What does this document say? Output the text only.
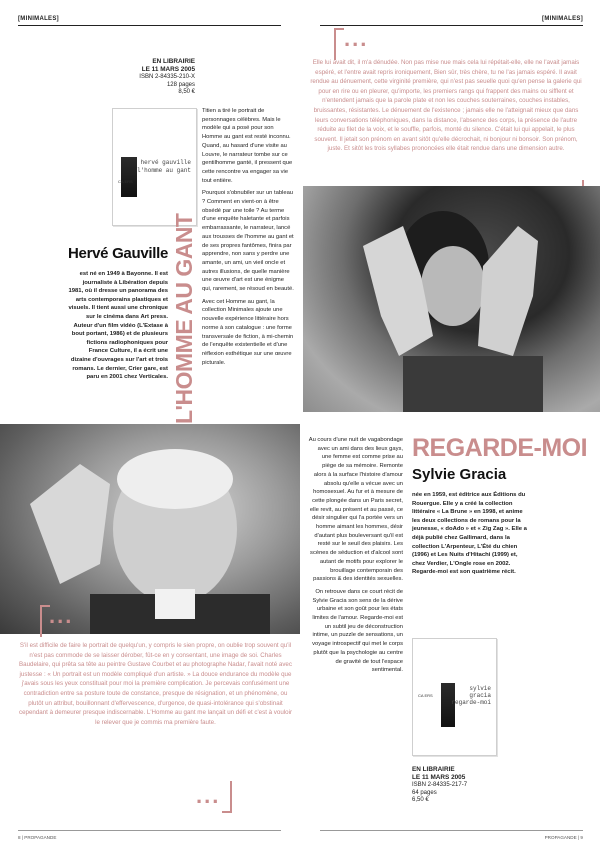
[MINIMALES]	[MINIMALES]
EN LIBRAIRIE
LE 11 MARS 2005
ISBN 2-84335-210-X
128 pages
8,50 €
CA ERS
hervé gauville
l'homme au gant
Hervé Gauville
est né en 1949 à Bayonne. Il est journaliste à Libération depuis 1981, où il dresse un panorama des arts contemporains plastiques et visuels. Il tient aussi une chronique sur le cinéma dans Art press. Auteur d'un film vidéo (L'Extase à bout portant, 1986) et de plusieurs fictions radiophoniques pour France Culture, il a écrit une dizaine d'ouvrages sur l'art et trois romans. Le dernier, Crier gare, est paru en 2001 chez Verticales. L'HOMME AU GANT

Titien a tiré le portrait de personnages célèbres. Mais le modèle qui a posé pour son Homme au gant est resté inconnu. Quand, au hasard d'une visite au Louvre, le narrateur tombe sur ce gentilhomme ganté, il pressent que cette rencontre va engager sa vie tout entière.

Pourquoi s'obnubiler sur un tableau ? Comment en vient-on à être obsédé par une toile ? Au terme d'une enquête haletante et parfois embarrassante, le narrateur, lancé aux trousses de l'homme au gant et de ses propres fantômes, finira par apprendre, non sans y perdre une amante, un ami, un vieil oncle et autres illusions, de quelle manière une œuvre d'art est une énigme qui, rarement, se résoud en beauté.

Avec cet Homme au gant, la collection Minimales ajoute une nouvelle expérience littéraire hors norme à son catalogue : une forme transversale de fiction, à mi-chemin de l'enquête existentielle et d'une réflexion esthétique sur une œuvre picturale.

...
Elle lui avait dit, il m'a dénudée. Non pas mise nue mais cela lui répétait-elle, elle ne l'avait jamais espéré, et l'entre avait repris ironiquement, Bien sûr, très chère, tu ne l'as jamais espéré. Il avait rendue au dénuement, cette virginité première, qui n'est pas seuelle quoi qu'en pense la galerie qui pour en rire ou en pleurer, qu'importe, les premiers rangs qui frappent des mains ou sifflent et n'entendent jamais que la parole plate et non les couches souterraines, couches instables, bruissantes, résistantes. Le dénuement de l'existence ; jamais elle ne l'atteignait mieux que dans leurs conversations téléphoniques, dans la distance, l'absence des corps, la présence de l'autre réduite au filet de la voix, et le souffle, parfois, monté du silence. C'était lui qui appelait, le plus souvent. Il jetait son prénom en avant sitôt qu'elle décrochait, ni bonjour ni bonsoir. Son prénom, juste. Et sitôt les trois syllabes prononcées elle était rendue dans une dimension autre.
...
S'il est difficile de faire le portrait de quelqu'un, y compris le sien propre, on oublie trop souvent qu'il n'est pas commode de se laisser dérober, fût-ce en y consentant, une image de soi. Charles Baudelaire, qui prêta sa tête au peintre Gustave Courbet et au photographe Nadar, l'avait noté avec justesse : « Un portrait est un modèle compliqué d'un artiste. » La douce endurance du modèle que j'avais sous les yeux constituait pour moi la première complication. Je percevais confusément une contradiction entre sa posture toute de constance, presque de résignation, et un phénomène, ou plutôt un attribut, bouillonnant d'effervescence, d'urgence, de quasi-intolérance qui s'obstinait cependant à demeurer presque indiscernable. L'Homme au gant me lançait un défi et c'est à vouloir le relever que je commis ma première faute.
...

Au cours d'une nuit de vagabondage avec un ami dans des lieux gays, une femme est comme prise au piège de sa mémoire. Remonte alors à la surface l'histoire d'amour absolu qu'elle a vécue avec un homosexuel. Au fur et à mesure de cette plongée dans un Paris secret, elle revit, au présent et au passé, ce désir singulier qui l'a portée vers un homme aimant les hommes, désir d'autant plus bouleversant qu'il est resté sur le seuil des plaisirs. Les scènes de séduction et d'alcool sont autant de motifs pour explorer le brouillage contemporain des passions & des identités sexuelles.

On retrouve dans ce court récit de Sylvie Gracia son sens de la dérive urbaine et son goût pour les états limites de l'amour. Regarde-moi est un subtil jeu de déconstruction intime, un puzzle de sensations, un voyage introspectif qui met le corps plutôt que la psychologie au centre de gravité de tout l'espace sentimental.

REGARDE-MOI
Sylvie Gracia
née en 1959, est éditrice aux Éditions du Rouergue. Elle y a créé la collection littéraire « La Brune » en 1998, et anime les deux collections de romans pour la jeunesse, « doAdo » et « Zig Zag ». Elle a déjà publié chez Gallimard, dans la collection L'Arpenteur, L'Été du chien (1996) et Les Nuits d'Hitachi (1999) et, chez Verdier, L'Ongle rose en 2002. Regarde-moi est son quatrième récit.
CA ERS
sylvie gracia
regarde-moi
EN LIBRAIRIE
LE 11 MARS 2005
ISBN 2-84335-217-7
64 pages
6,50 €
8 | PROPAGANDE	PROPAGANDE | 9
